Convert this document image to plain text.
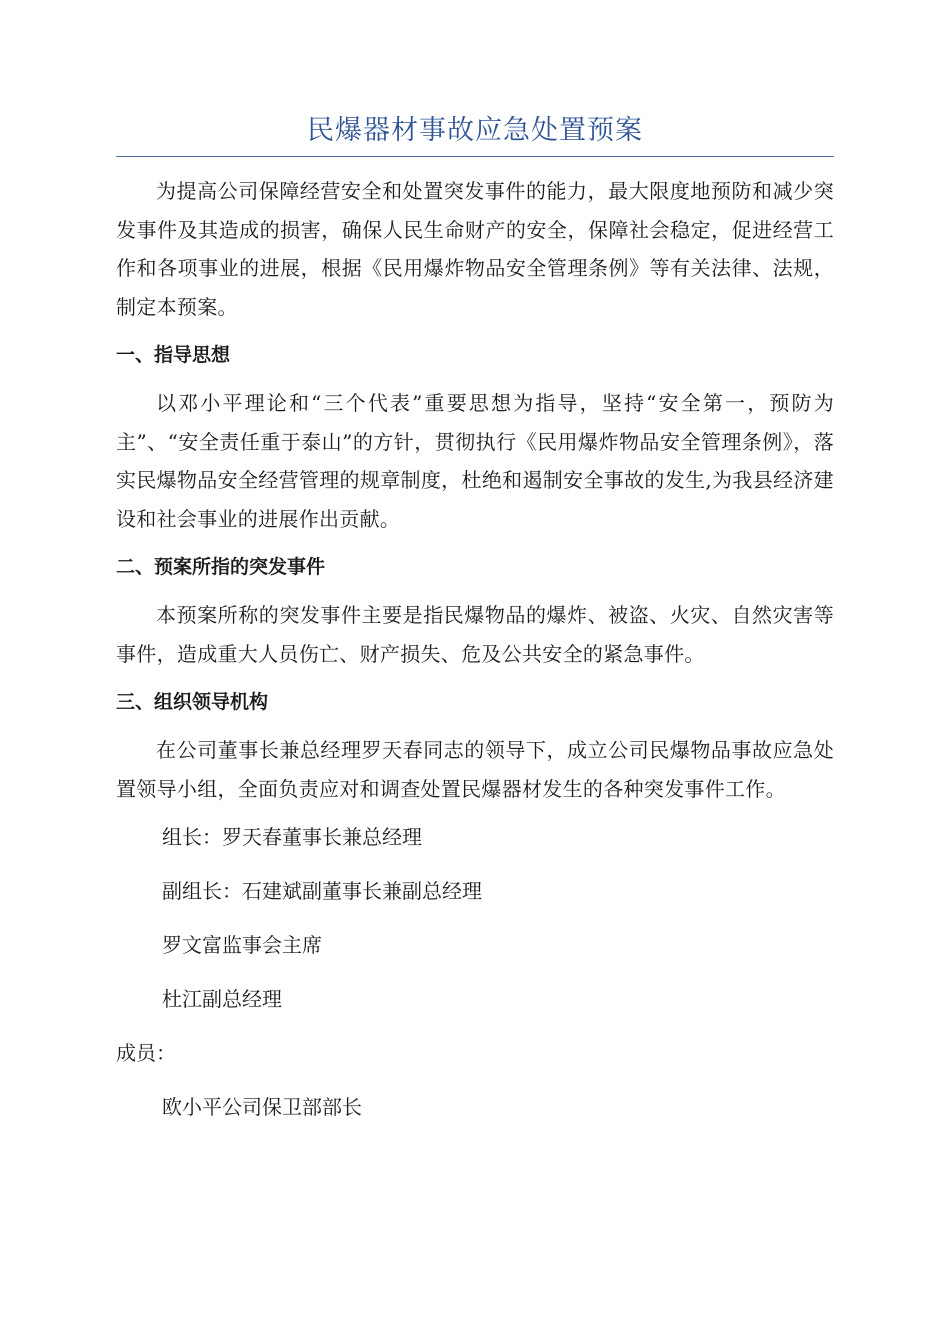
民爆器材事故应急处置预案

为提高公司保障经营安全和处置突发事件的能力，最大限度地预防和减少突发事件及其造成的损害，确保人民生命财产的安全，保障社会稳定，促进经营工作和各项事业的进展，根据《民用爆炸物品安全管理条例》等有关法律、法规，制定本预案。

一、指导思想

以邓小平理论和“三个代表”重要思想为指导，坚持“安全第一，预防为主”、“安全责任重于泰山”的方针，贯彻执行《民用爆炸物品安全管理条例》，落实民爆物品安全经营管理的规章制度，杜绝和遏制安全事故的发生,为我县经济建设和社会事业的进展作出贡献。

二、预案所指的突发事件

本预案所称的突发事件主要是指民爆物品的爆炸、被盗、火灾、自然灾害等事件，造成重大人员伤亡、财产损失、危及公共安全的紧急事件。

三、组织领导机构

在公司董事长兼总经理罗天春同志的领导下，成立公司民爆物品事故应急处置领导小组，全面负责应对和调查处置民爆器材发生的各种突发事件工作。

组长：罗天春董事长兼总经理
副组长：石建斌副董事长兼副总经理
罗文富监事会主席
杜江副总经理
成员：
欧小平公司保卫部部长
